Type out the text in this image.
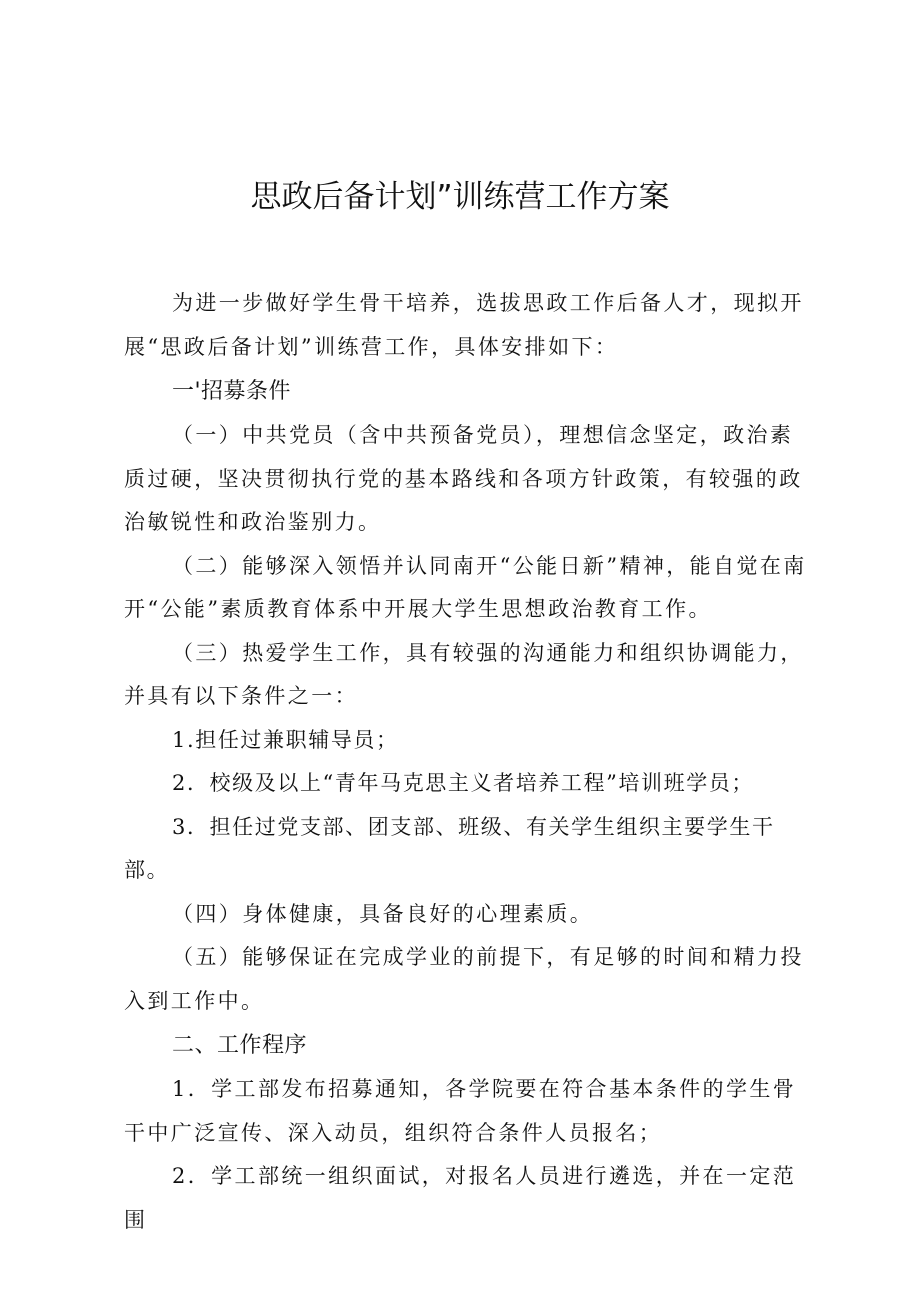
思政后备计划”训练营工作方案

为进一步做好学生骨干培养，选拔思政工作后备人才，现拟开展“思政后备计划”训练营工作，具体安排如下：

一'招募条件

（一）中共党员（含中共预备党员），理想信念坚定，政治素质过硬，坚决贯彻执行党的基本路线和各项方针政策，有较强的政治敏锐性和政治鉴别力。

（二）能够深入领悟并认同南开“公能日新”精神，能自觉在南开“公能”素质教育体系中开展大学生思想政治教育工作。

（三）热爱学生工作，具有较强的沟通能力和组织协调能力，并具有以下条件之一：

1.担任过兼职辅导员；

2．校级及以上“青年马克思主义者培养工程”培训班学员；

3．担任过党支部、团支部、班级、有关学生组织主要学生干部。

（四）身体健康，具备良好的心理素质。

（五）能够保证在完成学业的前提下，有足够的时间和精力投入到工作中。

二、工作程序

1．学工部发布招募通知，各学院要在符合基本条件的学生骨干中广泛宣传、深入动员，组织符合条件人员报名；

2．学工部统一组织面试，对报名人员进行遴选，并在一定范围
